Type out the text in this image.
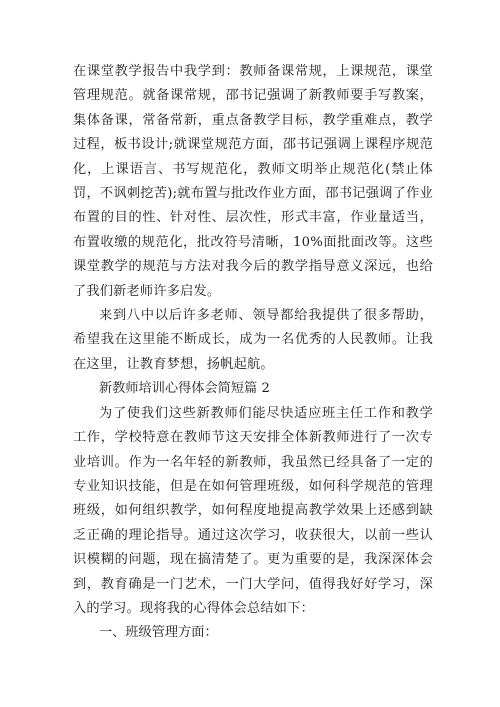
在课堂教学报告中我学到：教师备课常规，上课规范，课堂管理规范。就备课常规，邵书记强调了新教师要手写教案，集体备课，常备常新，重点备教学目标，教学重难点，教学过程，板书设计;就课堂规范方面，邵书记强调上课程序规范化，上课语言、书写规范化，教师文明举止规范化(禁止体罚，不讽刺挖苦);就布置与批改作业方面，邵书记强调了作业布置的目的性、针对性、层次性，形式丰富，作业量适当，布置收缴的规范化，批改符号清晰，10%面批面改等。这些课堂教学的规范与方法对我今后的教学指导意义深远，也给了我们新老师许多启发。

来到八中以后许多老师、领导都给我提供了很多帮助，希望我在这里能不断成长，成为一名优秀的人民教师。让我在这里，让教育梦想，扬帆起航。

新教师培训心得体会简短篇 2

为了使我们这些新教师们能尽快适应班主任工作和教学工作，学校特意在教师节这天安排全体新教师进行了一次专业培训。作为一名年轻的新教师，我虽然已经具备了一定的专业知识技能，但是在如何管理班级，如何科学规范的管理班级，如何组织教学，如何程度地提高教学效果上还感到缺乏正确的理论指导。通过这次学习，收获很大，以前一些认识模糊的问题，现在搞清楚了。更为重要的是，我深深体会到，教育确是一门艺术，一门大学问，值得我好好学习，深入的学习。现将我的心得体会总结如下：

一、班级管理方面：
